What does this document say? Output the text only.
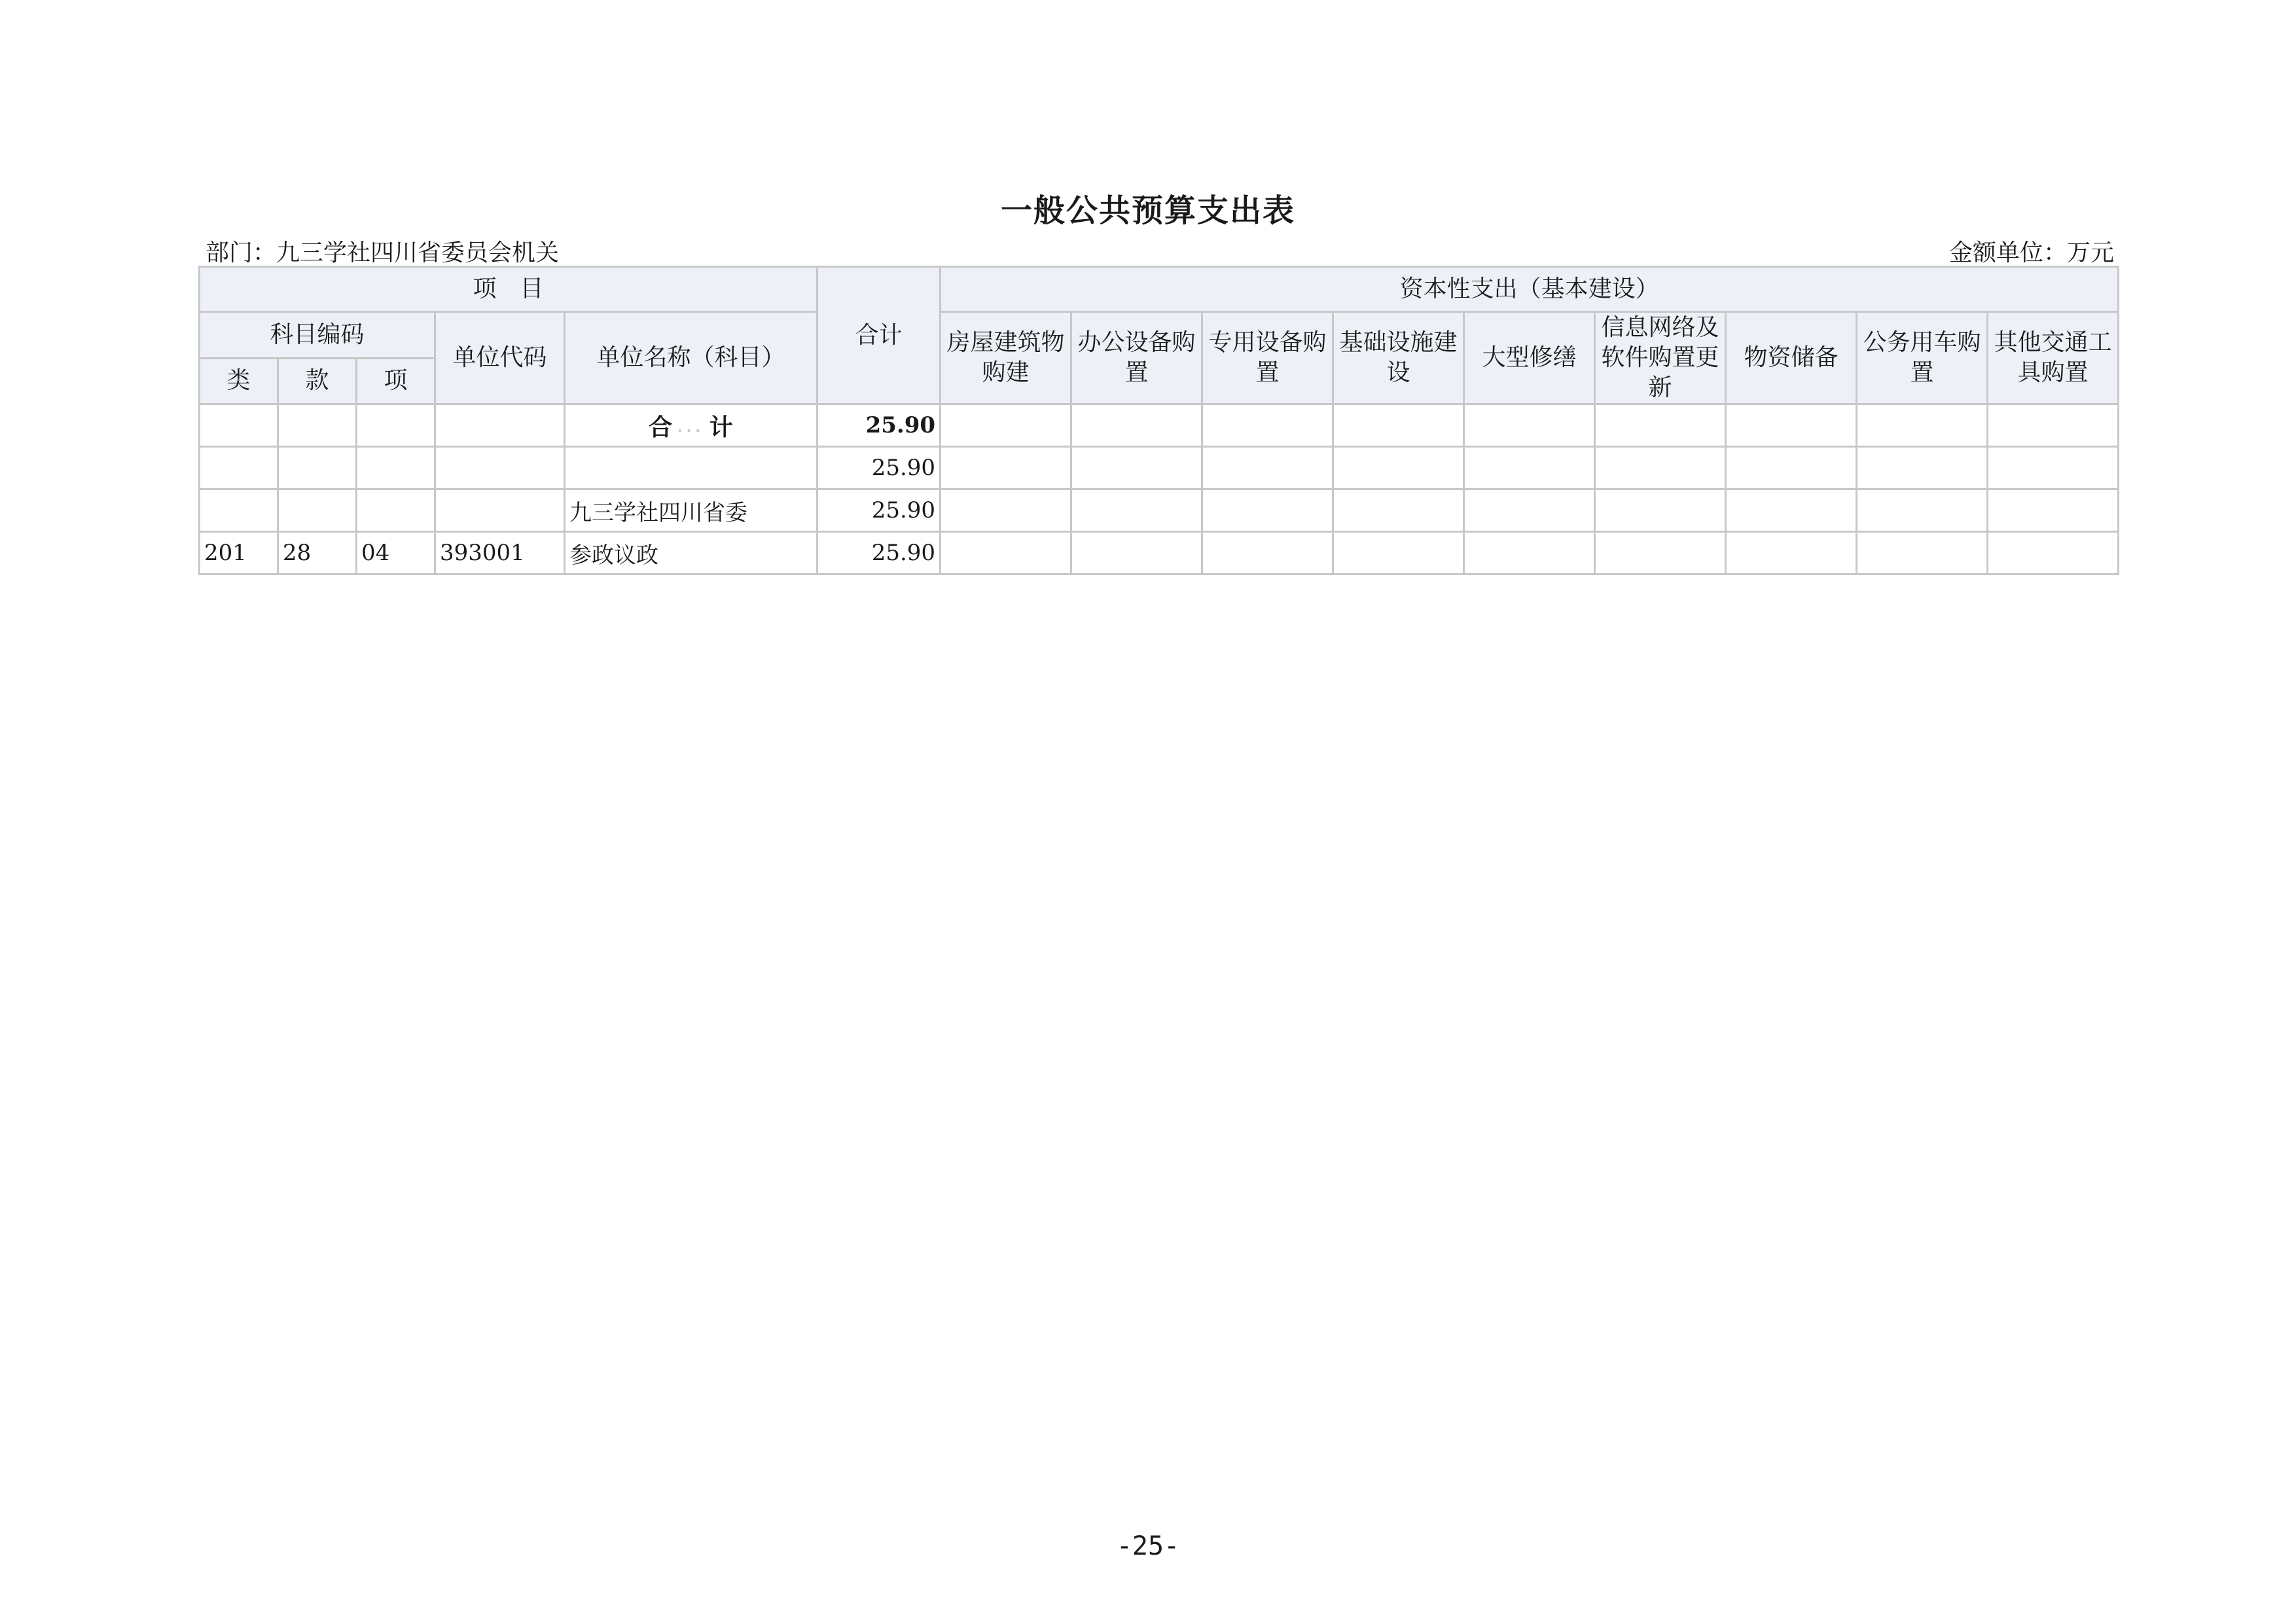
一般公共预算支出表
部门：九三学社四川省委员会机关	金额单位：万元
项　目					合计	资本性支出（基本建设）								
科目编码			单位代码	单位名称（科目）		房屋建筑物购建	办公设备购置	专用设备购置	基础设施建设	大型修缮	信息网络及软件购置更新	物资储备	公务用车购置	其他交通工具购置
类	款	项												
				合 ··· 计	25.90									
					25.90									
				九三学社四川省委	25.90									
201	28	04	393001	参政议政	25.90									
-25-
